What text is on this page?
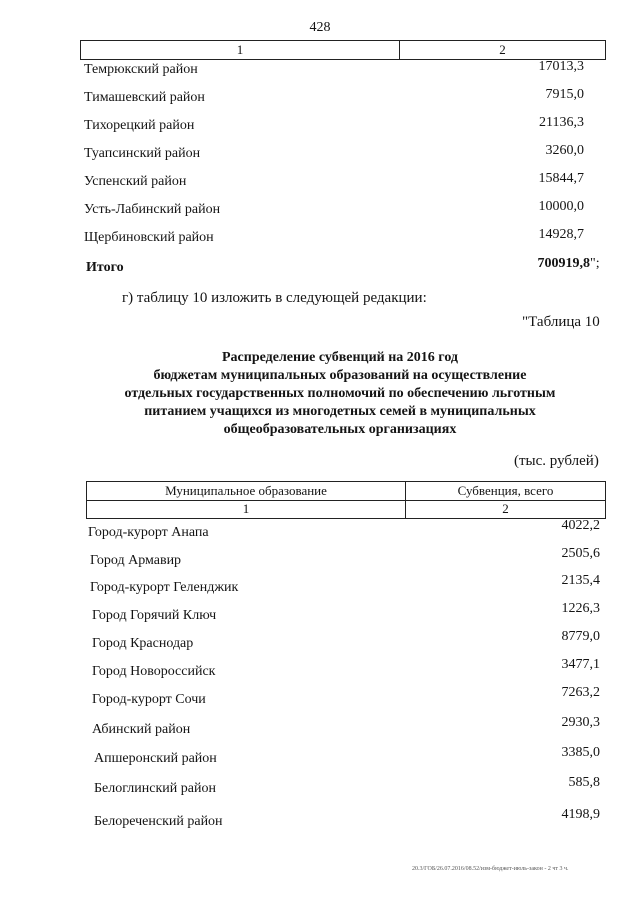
428
1	2
Темрюкский район	17013,3
Тимашевский район	7915,0
Тихорецкий район	21136,3
Туапсинский район	3260,0
Успенский район	15844,7
Усть-Лабинский район	10000,0
Щербиновский район	14928,7
Итого	700919,8 ";
г) таблицу 10 изложить в следующей редакции:
"Таблица 10
Распределение субвенций на 2016 год
бюджетам муниципальных образований на осуществление
отдельных государственных полномочий по обеспечению льготным
питанием учащихся из многодетных семей в муниципальных
общеобразовательных организациях
(тыс. рублей)
Муниципальное образование	Субвенция, всего
1	2
Город-курорт Анапа	4022,2
Город Армавир	2505,6
Город-курорт Геленджик	2135,4
Город Горячий Ключ	1226,3
Город Краснодар	8779,0
Город Новороссийск	3477,1
Город-курорт Сочи	7263,2
Абинский район	2930,3
Апшеронский район	3385,0
Белоглинский район	585,8
Белореченский район	4198,9
20.3/ГОБ/26.07.2016/08.52/изм-бюджет-июль-закон - 2 чт 3 ч.
